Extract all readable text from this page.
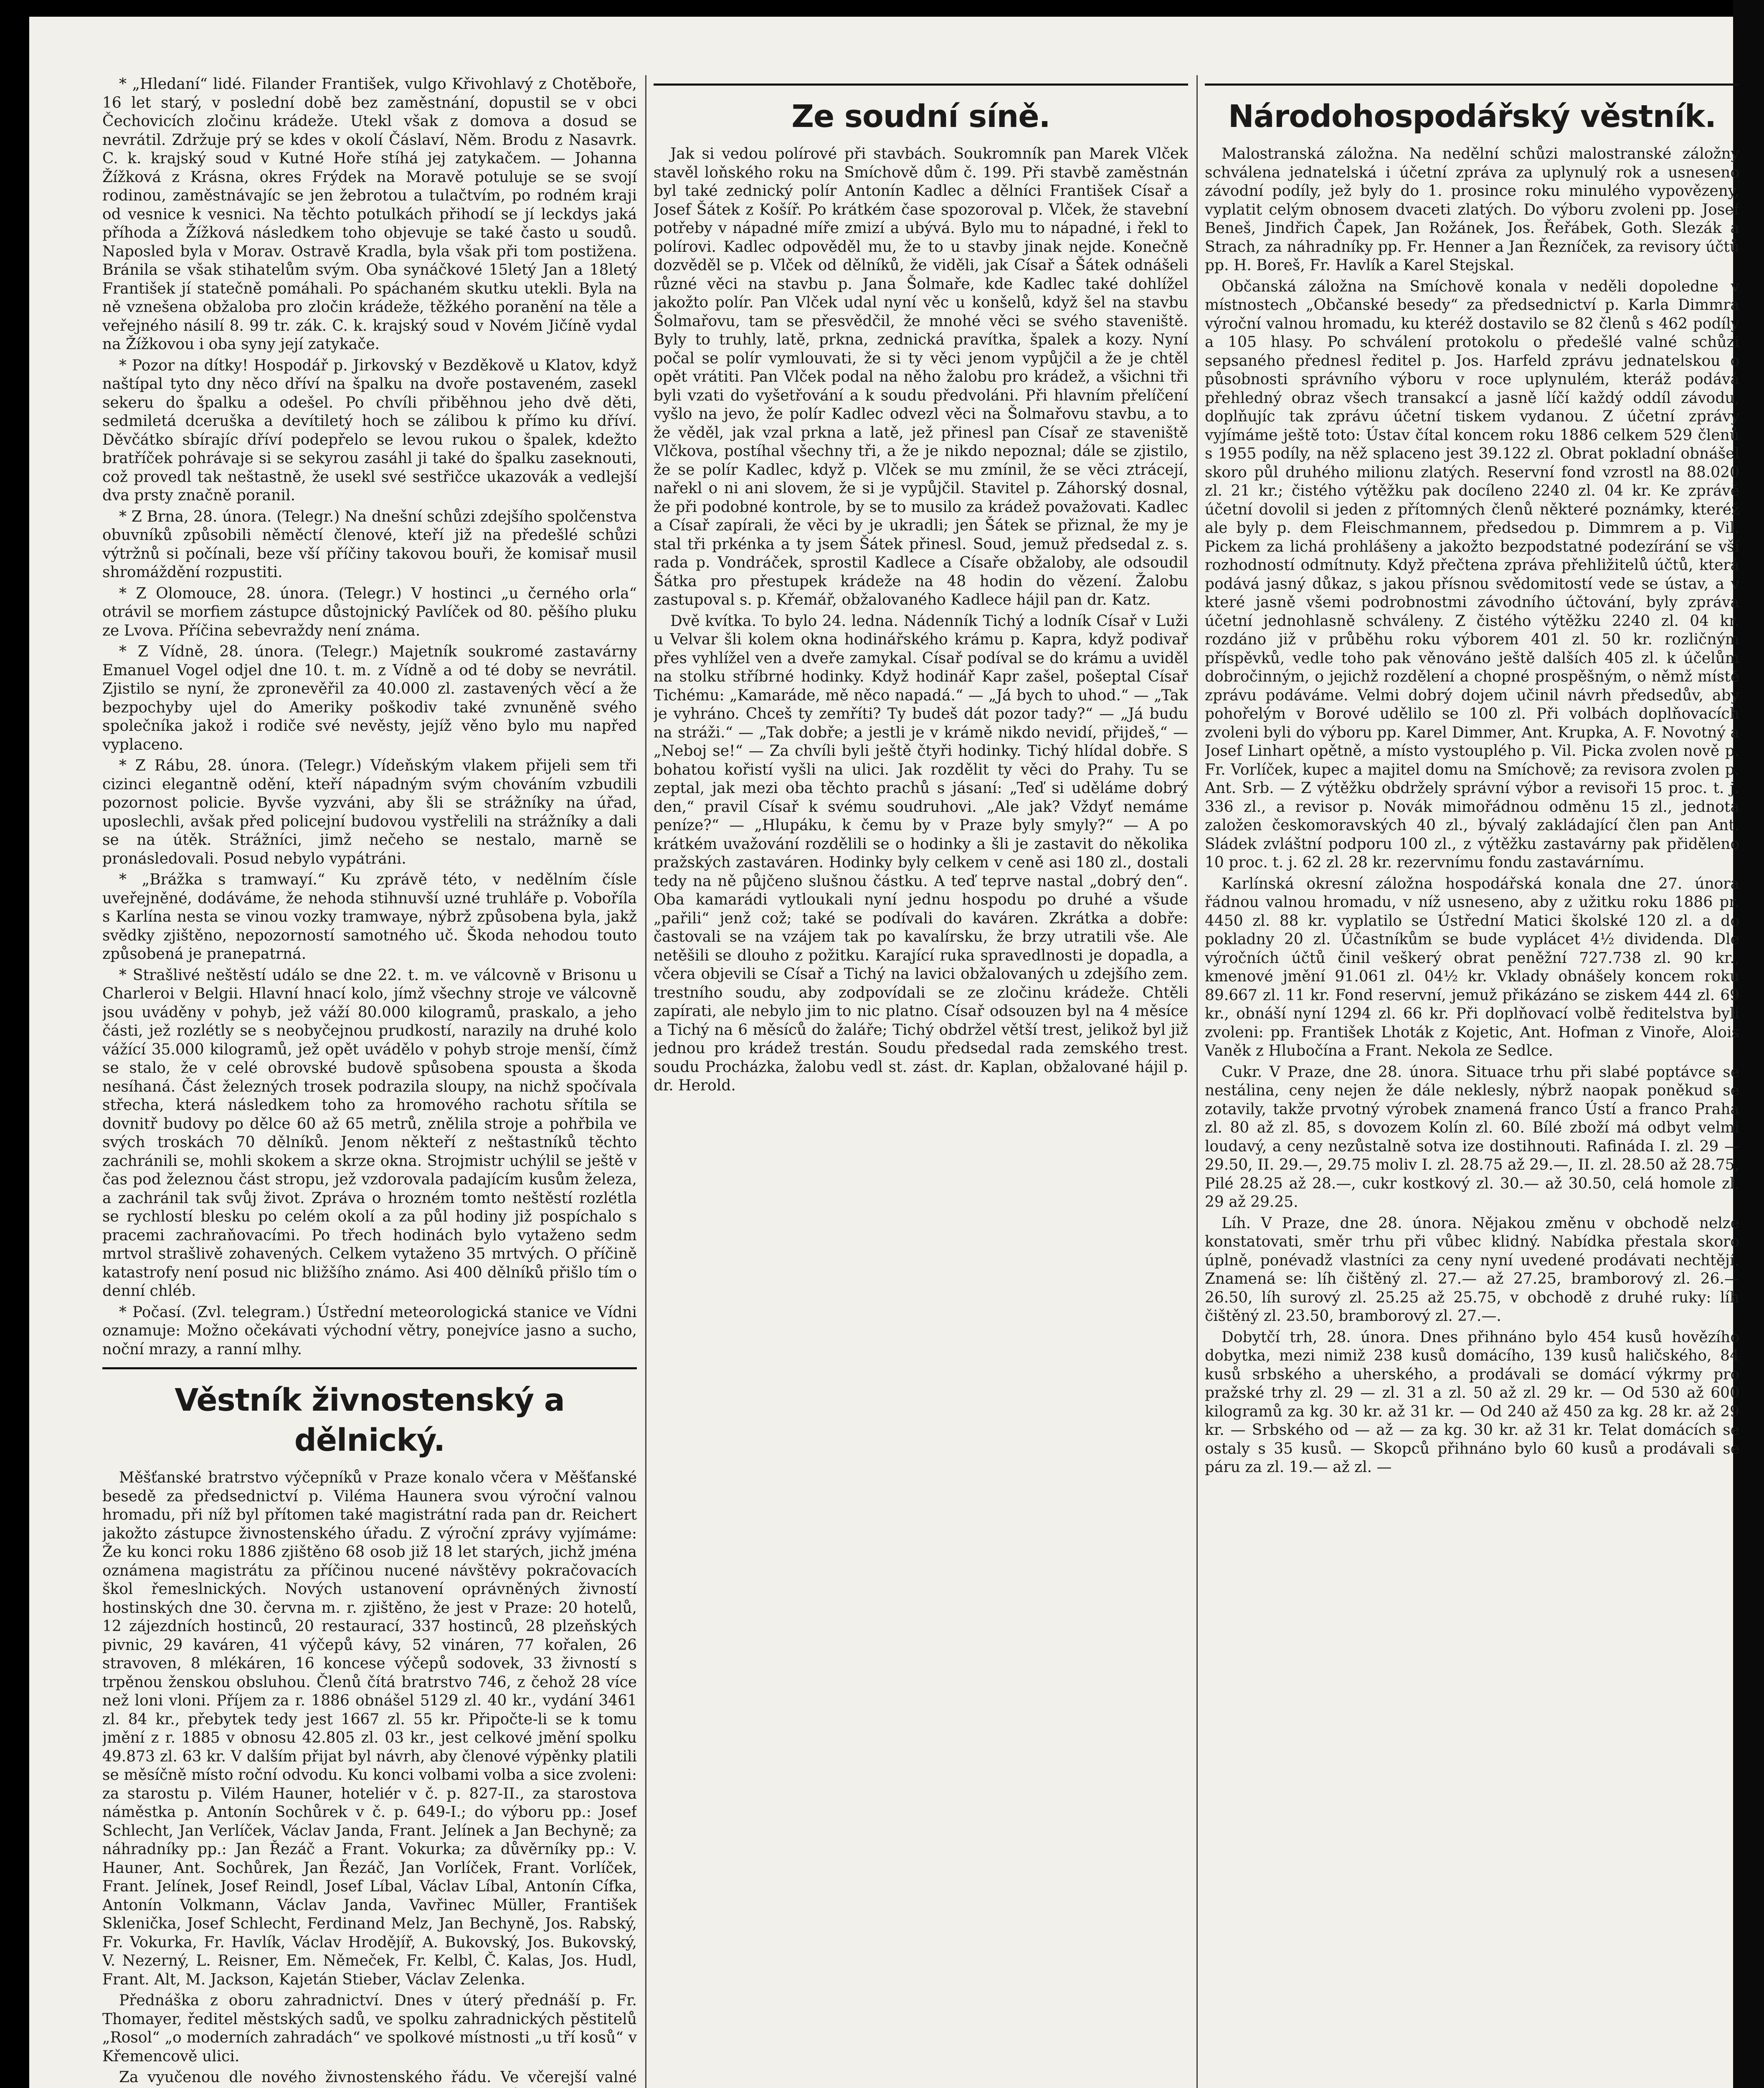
* „Hledaní“ lidé. Filander František, vulgo Křivohlavý z Chotěboře, 16 let starý, v poslední době bez zaměstnání, dopustil se v obci Čechovicích zločinu krádeže. Utekl však z domova a dosud se nevrátil. Zdržuje prý se kdes v okolí Čáslaví, Něm. Brodu z Nasavrk. C. k. krajský soud v Kutné Hoře stíhá jej zatykačem. — Johanna Žížková z Krásna, okres Frýdek na Moravě potuluje se se svojí rodinou, zaměstnávajíc se jen žebrotou a tulačtvím, po rodném kraji od vesnice k vesnici. Na těchto potulkách přihodí se jí leckdys jaká příhoda a Žížková následkem toho objevuje se také často u soudů. Naposled byla v Morav. Ostravě Kradla, byla však při tom postižena. Bránila se však stihatelům svým. Oba synáčkové 15letý Jan a 18letý František jí statečně pomáhali. Po spáchaném skutku utekli. Byla na ně vznešena obžaloba pro zločin krádeže, těžkého poranění na těle a veřejného násilí 8. 99 tr. zák. C. k. krajský soud v Novém Jičíně vydal na Žížkovou i oba syny její zatykače.

* Pozor na dítky! Hospodář p. Jirkovský v Bezděkově u Klatov, když naštípal tyto dny něco dříví na špalku na dvoře postaveném, zasekl sekeru do špalku a odešel. Po chvíli přiběhnou jeho dvě děti, sedmiletá dceruška a devítiletý hoch se zálibou k přímo ku dříví. Děvčátko sbírajíc dříví podepřelo se levou rukou o špalek, kdežto bratříček pohrávaje si se sekyrou zasáhl ji také do špalku zaseknouti, což provedl tak neštastně, že usekl své sestřičce ukazovák a vedlejší dva prsty značně poranil.

* Z Brna, 28. února. (Telegr.) Na dnešní schůzi zdejšího spolčenstva obuvníků způsobili něměctí členové, kteří již na předešlé schůzi výtržnů si počínali, beze vší příčiny takovou bouři, že komisař musil shromáždění rozpustiti.

* Z Olomouce, 28. února. (Telegr.) V hostinci „u černého orla“ otrávil se morfiem zástupce důstojnický Pavlíček od 80. pěšího pluku ze Lvova. Příčina sebevraždy není známa.

* Z Vídně, 28. února. (Telegr.) Majetník soukromé zastavárny Emanuel Vogel odjel dne 10. t. m. z Vídně a od té doby se nevrátil. Zjistilo se nyní, že zpronevěřil za 40.000 zl. zastavených věcí a že bezpochyby ujel do Ameriky poškodiv také zvnuněně svého společníka jakož i rodiče své nevěsty, jejíž věno bylo mu napřed vyplaceno.

* Z Rábu, 28. února. (Telegr.) Vídeňským vlakem přijeli sem tři cizinci elegantně odění, kteří nápadným svým chováním vzbudili pozornost policie. Byvše vyzváni, aby šli se strážníky na úřad, uposlechli, avšak před policejní budovou vystřelili na strážníky a dali se na útěk. Strážníci, jimž nečeho se nestalo, marně se pronásledovali. Posud nebylo vypátráni.

* „Brážka s tramwayí.“ Ku zprávě této, v nedělním čísle uveřejněné, dodáváme, že nehoda stihnuvší uzné truhláře p. Voboříla s Karlína nesta se vinou vozky tramwaye, nýbrž způsobena byla, jakž svědky zjištěno, nepozorností samotného uč. Škoda nehodou touto způsobená je pranepatrná.

* Strašlivé neštěstí událo se dne 22. t. m. ve válcovně v Brisonu u Charleroi v Belgii. Hlavní hnací kolo, jímž všechny stroje ve válcovně jsou uváděny v pohyb, jež váží 80.000 kilogramů, praskalo, a jeho části, jež rozlétly se s neobyčejnou prudkostí, narazily na druhé kolo vážící 35.000 kilogramů, jež opět uvádělo v pohyb stroje menší, čímž se stalo, že v celé obrovské budově spůsobena spousta a škoda nesíhaná. Část železných trosek podrazila sloupy, na nichž spočívala střecha, která následkem toho za hromového rachotu sřítila se dovnitř budovy po dělce 60 až 65 metrů, znělila stroje a pohřbila ve svých troskách 70 dělníků. Jenom někteří z neštastníků těchto zachránili se, mohli skokem a skrze okna. Strojmistr uchýlil se ještě v čas pod železnou část stropu, jež vzdorovala padajícím kusům železa, a zachránil tak svůj život. Zpráva o hrozném tomto neštěstí rozlétla se rychlostí blesku po celém okolí a za půl hodiny již pospíchalo s pracemi zachraňovacími. Po třech hodinách bylo vytaženo sedm mrtvol strašlivě zohavených. Celkem vytaženo 35 mrtvých. O příčině katastrofy není posud nic bližšího známo. Asi 400 dělníků přišlo tím o denní chléb.

* Počasí. (Zvl. telegram.) Ústřední meteorologická stanice ve Vídni oznamuje: Možno očekávati východní větry, ponejvíce jasno a sucho, noční mrazy, a ranní mlhy.

Věstník živnostenský a dělnický.

Měšťanské bratrstvo výčepníků v Praze konalo včera v Měšťanské besedě za předsednictví p. Viléma Haunera svou výroční valnou hromadu, při níž byl přítomen také magistrátní rada pan dr. Reichert jakožto zástupce živnostenského úřadu. Z výroční zprávy vyjímáme: Že ku konci roku 1886 zjištěno 68 osob již 18 let starých, jichž jména oznámena magistrátu za příčinou nucené návštěvy pokračovacích škol řemeslnických. Nových ustanovení oprávněných živností hostinských dne 30. června m. r. zjištěno, že jest v Praze: 20 hotelů, 12 zájezdních hostinců, 20 restaurací, 337 hostinců, 28 plzeňských pivnic, 29 kaváren, 41 výčepů kávy, 52 vináren, 77 kořalen, 26 stravoven, 8 mlékáren, 16 koncese výčepů sodovek, 33 živností s trpěnou ženskou obsluhou. Členů čítá bratrstvo 746, z čehož 28 více než loni vloni. Příjem za r. 1886 obnášel 5129 zl. 40 kr., vydání 3461 zl. 84 kr., přebytek tedy jest 1667 zl. 55 kr. Připočte-li se k tomu jmění z r. 1885 v obnosu 42.805 zl. 03 kr., jest celkové jmění spolku 49.873 zl. 63 kr. V dalším přijat byl návrh, aby členové výpěnky platili se měsíčně místo roční odvodu. Ku konci volbami volba a sice zvoleni: za starostu p. Vilém Hauner, hoteliér v č. p. 827-II., za starostova náměstka p. Antonín Sochůrek v č. p. 649-I.; do výboru pp.: Josef Schlecht, Jan Verlíček, Václav Janda, Frant. Jelínek a Jan Bechyně; za náhradníky pp.: Jan Řezáč a Frant. Vokurka; za důvěrníky pp.: V. Hauner, Ant. Sochůrek, Jan Řezáč, Jan Vorlíček, Frant. Vorlíček, Frant. Jelínek, Josef Reindl, Josef Líbal, Václav Líbal, Antonín Cífka, Antonín Volkmann, Václav Janda, Vavřinec Müller, František Sklenička, Josef Schlecht, Ferdinand Melz, Jan Bechyně, Jos. Rabský, Fr. Vokurka, Fr. Havlík, Václav Hrodějíř, A. Bukovský, Jos. Bukovský, V. Nezerný, L. Reisner, Em. Němeček, Fr. Kelbl, Č. Kalas, Jos. Hudl, Frant. Alt, M. Jackson, Kajetán Stieber, Václav Zelenka.

Přednáška z oboru zahradnictví. Dnes v úterý přednáší p. Fr. Thomayer, ředitel městských sadů, ve spolku zahradnických pěstitelů „Rosol“ „o moderních zahradách“ ve spolkové místnosti „u tří kosů“ v Křemencově ulici.

Za vyučenou dle nového živnostenského řádu. Ve včerejší valné

Ze soudní síně.

Jak si vedou polírové při stavbách. Soukromník pan Marek Vlček stavěl loňského roku na Smíchově dům č. 199. Při stavbě zaměstnán byl také zednický polír Antonín Kadlec a dělníci František Císař a Josef Šátek z Košíř. Po krátkém čase spozoroval p. Vlček, že stavební potřeby v nápadné míře zmizí a ubývá. Bylo mu to nápadné, i řekl to polírovi. Kadlec odpověděl mu, že to u stavby jinak nejde. Konečně dozvěděl se p. Vlček od dělníků, že viděli, jak Císař a Šátek odnášeli různé věci na stavbu p. Jana Šolmaře, kde Kadlec také dohlížel jakožto polír. Pan Vlček udal nyní věc u konšelů, když šel na stavbu Šolmařovu, tam se přesvědčil, že mnohé věci se svého staveniště. Byly to truhly, latě, prkna, zednická pravítka, špalek a kozy. Nyní počal se polír vymlouvati, že si ty věci jenom vypůjčil a že je chtěl opět vrátiti. Pan Vlček podal na něho žalobu pro krádež, a všichni tři byli vzati do vyšetřování a k soudu předvoláni. Při hlavním přelíčení vyšlo na jevo, že polír Kadlec odvezl věci na Šolmařovu stavbu, a to že věděl, jak vzal prkna a latě, jež přinesl pan Císař ze staveniště Vlčkova, postíhal všechny tři, a že je nikdo nepoznal; dále se zjistilo, že se polír Kadlec, když p. Vlček se mu zmínil, že se věci ztrácejí, nařekl o ni ani slovem, že si je vypůjčil. Stavitel p. Záhorský dosnal, že při podobné kontrole, by se to musilo za krádež považovati. Kadlec a Císař zapírali, že věci by je ukradli; jen Šátek se přiznal, že my je stal tři prkénka a ty jsem Šátek přinesl. Soud, jemuž předsedal z. s. rada p. Vondráček, sprostil Kadlece a Císaře obžaloby, ale odsoudil Šátka pro přestupek krádeže na 48 hodin do vězení. Žalobu zastupoval s. p. Křemář, obžalovaného Kadlece hájil pan dr. Katz.

Dvě kvítka. To bylo 24. ledna. Nádenník Tichý a lodník Císař v Luži u Velvar šli kolem okna hodinářského krámu p. Kapra, když podivař přes vyhlížel ven a dveře zamykal. Císař podíval se do krámu a uviděl na stolku stříbrné hodinky. Když hodinář Kapr zašel, pošeptal Císař Tichému: „Kamaráde, mě něco napadá.“ — „Já bych to uhod.“ — „Tak je vyhráno. Chceš ty zemříti? Ty budeš dát pozor tady?“ — „Já budu na stráži.“ — „Tak dobře; a jestli je v krámě nikdo nevidí, přijdeš,“ — „Neboj se!“ — Za chvíli byli ještě čtyři hodinky. Tichý hlídal dobře. S bohatou kořistí vyšli na ulici. Jak rozdělit ty věci do Prahy. Tu se zeptal, jak mezi oba těchto prachů s jásaní: „Teď si uděláme dobrý den,“ pravil Císař k svému soudruhovi. „Ale jak? Vždyť nemáme peníze?“ — „Hlupáku, k čemu by v Praze byly smyly?“ — A po krátkém uvažování rozdělili se o hodinky a šli je zastavit do několika pražských zastaváren. Hodinky byly celkem v ceně asi 180 zl., dostali tedy na ně půjčeno slušnou částku. A teď teprve nastal „dobrý den“. Oba kamarádi vytloukali nyní jednu hospodu po druhé a všude „pařili“ jenž což; také se podívali do kaváren. Zkrátka a dobře: častovali se na vzájem tak po kavalírsku, že brzy utratili vše. Ale netěšili se dlouho z požitku. Karající ruka spravedlnosti je dopadla, a včera objevili se Císař a Tichý na lavici obžalovaných u zdejšího zem. trestního soudu, aby zodpovídali se ze zločinu krádeže. Chtěli zapírati, ale nebylo jim to nic platno. Císař odsouzen byl na 4 měsíce a Tichý na 6 měsíců do žaláře; Tichý obdržel větší trest, jelikož byl již jednou pro krádež trestán. Soudu předsedal rada zemského trest. soudu Procházka, žalobu vedl st. zást. dr. Kaplan, obžalované hájil p. dr. Herold.

Národohospodářský věstník.

Malostranská záložna. Na nedělní schůzi malostranské záložny schválena jednatelská i účetní zpráva za uplynulý rok a usneseno závodní podíly, jež byly do 1. prosince roku minulého vypovězeny, vyplatit celým obnosem dvaceti zlatých. Do výboru zvoleni pp. Josef Beneš, Jindřich Čapek, Jan Rožánek, Jos. Řeřábek, Goth. Slezák a Strach, za náhradníky pp. Fr. Henner a Jan Řezníček, za revisory účtů pp. H. Boreš, Fr. Havlík a Karel Stejskal.

Občanská záložna na Smíchově konala v neděli dopoledne v místnostech „Občanské besedy“ za předsednictví p. Karla Dimmra výroční valnou hromadu, ku kteréž dostavilo se 82 členů s 462 podíly a 105 hlasy. Po schválení protokolu o předešlé valné schůzi sepsaného přednesl ředitel p. Jos. Harfeld zprávu jednatelskou o působnosti správního výboru v roce uplynulém, kteráž podává přehledný obraz všech transakcí a jasně líčí každý oddíl závodu, doplňujíc tak zprávu účetní tiskem vydanou. Z účetní zprávy vyjímáme ještě toto: Ústav čítal koncem roku 1886 celkem 529 členů s 1955 podíly, na něž splaceno jest 39.122 zl. Obrat pokladní obnášel skoro půl druhého milionu zlatých. Reservní fond vzrostl na 88.020 zl. 21 kr.; čistého výtěžku pak docíleno 2240 zl. 04 kr. Ke zprávě účetní dovolil si jeden z přítomných členů některé poznámky, kteréž ale byly p. dem Fleischmannem, předsedou p. Dimmrem a p. Vil. Pickem za lichá prohlášeny a jakožto bezpodstatné podezírání se vší rozhodností odmítnuty. Když přečtena zpráva přehližitelů účtů, která podává jasný důkaz, s jakou přísnou svědomitostí vede se ústav, a v které jasně všemi podrobnostmi závodního účtování, byly zpráva účetní jednohlasně schváleny. Z čistého výtěžku 2240 zl. 04 kr. rozdáno již v průběhu roku výborem 401 zl. 50 kr. rozličným příspěvků, vedle toho pak věnováno ještě dalších 405 zl. k účelům dobročinným, o jejichž rozdělení a chopné prospěšným, o němž místě zprávu podáváme. Velmi dobrý dojem učinil návrh předsedův, aby pohořelým v Borové udělilo se 100 zl. Při volbách doplňovacích zvoleni byli do výboru pp. Karel Dimmer, Ant. Krupka, A. F. Novotný a Josef Linhart opětně, a místo vystouplého p. Vil. Picka zvolen nově p. Fr. Vorlíček, kupec a majitel domu na Smíchově; za revisora zvolen p. Ant. Srb. — Z výtěžku obdržely správní výbor a revisoři 15 proc. t. j. 336 zl., a revisor p. Novák mimořádnou odměnu 15 zl., jednota založen českomoravských 40 zl., bývalý zakládající člen pan Ant. Sládek zvláštní podporu 100 zl., z výtěžku zastavárny pak přiděleno 10 proc. t. j. 62 zl. 28 kr. rezervnímu fondu zastavárnímu.

Karlínská okresní záložna hospodářská konala dne 27. února řádnou valnou hromadu, v níž usneseno, aby z užitku roku 1886 pr. 4450 zl. 88 kr. vyplatilo se Ústřední Matici školské 120 zl. a do pokladny 20 zl. Účastníkům se bude vyplácet 4½ dividenda. Dle výročních účtů činil veškerý obrat peněžní 727.738 zl. 90 kr., kmenové jmění 91.061 zl. 04½ kr. Vklady obnášely koncem roku 89.667 zl. 11 kr. Fond reservní, jemuž přikázáno se ziskem 444 zl. 69 kr., obnáší nyní 1294 zl. 66 kr. Při doplňovací volbě ředitelstva byli zvoleni: pp. František Lhoták z Kojetic, Ant. Hofman z Vinoře, Alois Vaněk z Hlubočína a Frant. Nekola ze Sedlce.

Cukr. V Praze, dne 28. února. Situace trhu při slabé poptávce se nestálina, ceny nejen že dále neklesly, nýbrž naopak poněkud se zotavily, takže prvotný výrobek znamená franco Ústí a franco Praha zl. 80 až zl. 85, s dovozem Kolín zl. 60. Bílé zboží má odbyt velmi loudavý, a ceny nezůstalně sotva ize dostihnouti. Rafináda I. zl. 29 — 29.50, II. 29.—, 29.75 moliv I. zl. 28.75 až 29.—, II. zl. 28.50 až 28.75, Pilé 28.25 až 28.—, cukr kostkový zl. 30.— až 30.50, celá homole zl. 29 až 29.25.

Líh. V Praze, dne 28. února. Nějakou změnu v obchodě nelze konstatovati, směr trhu při vůbec klidný. Nabídka přestala skoro úplně, ponévadž vlastníci za ceny nyní uvedené prodávati nechtějí. Znamená se: líh čištěný zl. 27.— až 27.25, bramborový zl. 26.— 26.50, líh surový zl. 25.25 až 25.75, v obchodě z druhé ruky: líh čištěný zl. 23.50, bramborový zl. 27.—.

Dobytčí trh, 28. února. Dnes přihnáno bylo 454 kusů hovězího dobytka, mezi nimiž 238 kusů domácího, 139 kusů haličského, 84 kusů srbského a uherského, a prodávali se domácí výkrmy pro pražské trhy zl. 29 — zl. 31 a zl. 50 až zl. 29 kr. — Od 530 až 600 kilogramů za kg. 30 kr. až 31 kr. — Od 240 až 450 za kg. 28 kr. až 29 kr. — Srbského od — až — za kg. 30 kr. až 31 kr. Telat domácích se ostaly s 35 kusů. — Skopců přihnáno bylo 60 kusů a prodávali se páru za zl. 19.— až zl. —
